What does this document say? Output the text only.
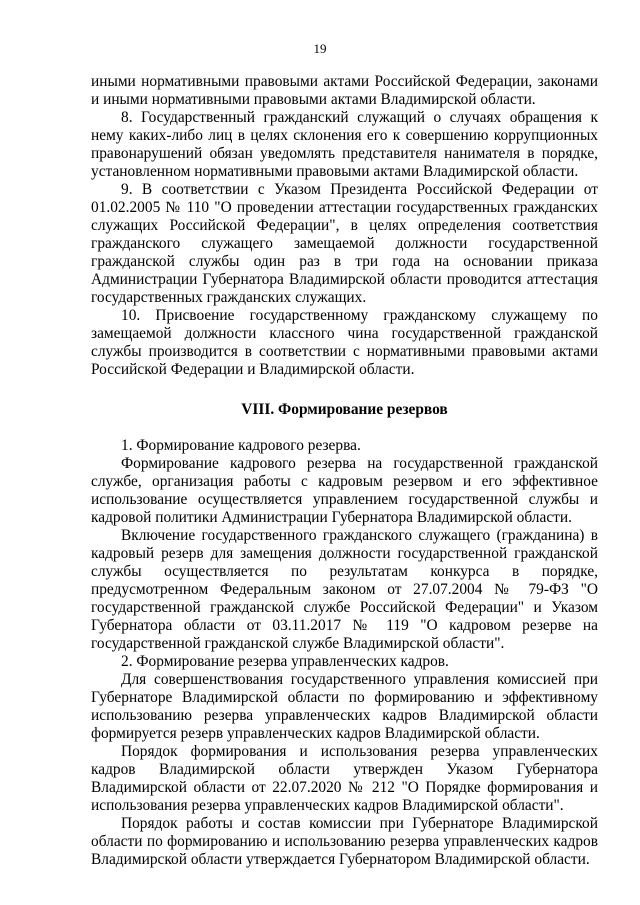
19

иными нормативными правовыми актами Российской Федерации, законами и иными нормативными правовыми актами Владимирской области.

8. Государственный гражданский служащий о случаях обращения к нему каких-либо лиц в целях склонения его к совершению коррупционных правонарушений обязан уведомлять представителя нанимателя в порядке, установленном нормативными правовыми актами Владимирской области.

9. В соответствии с Указом Президента Российской Федерации от 01.02.2005 № 110 "О проведении аттестации государственных гражданских служащих Российской Федерации", в целях определения соответствия гражданского служащего замещаемой должности государственной гражданской службы один раз в три года на основании приказа Администрации Губернатора Владимирской области проводится аттестация государственных гражданских служащих.

10. Присвоение государственному гражданскому служащему по замещаемой должности классного чина государственной гражданской службы производится в соответствии с нормативными правовыми актами Российской Федерации и Владимирской области.

VIII. Формирование резервов

1. Формирование кадрового резерва.

Формирование кадрового резерва на государственной гражданской службе, организация работы с кадровым резервом и его эффективное использование осуществляется управлением государственной службы и кадровой политики Администрации Губернатора Владимирской области.

Включение государственного гражданского служащего (гражданина) в кадровый резерв для замещения должности государственной гражданской службы осуществляется по результатам конкурса в порядке, предусмотренном Федеральным законом от 27.07.2004 № 79-ФЗ "О государственной гражданской службе Российской Федерации" и Указом Губернатора области от 03.11.2017 № 119 "О кадровом резерве на государственной гражданской службе Владимирской области".

2. Формирование резерва управленческих кадров.

Для совершенствования государственного управления комиссией при Губернаторе Владимирской области по формированию и эффективному использованию резерва управленческих кадров Владимирской области формируется резерв управленческих кадров Владимирской области.

Порядок формирования и использования резерва управленческих кадров Владимирской области утвержден Указом Губернатора Владимирской области от 22.07.2020 № 212 "О Порядке формирования и использования резерва управленческих кадров Владимирской области".

Порядок работы и состав комиссии при Губернаторе Владимирской области по формированию и использованию резерва управленческих кадров Владимирской области утверждается Губернатором Владимирской области.
